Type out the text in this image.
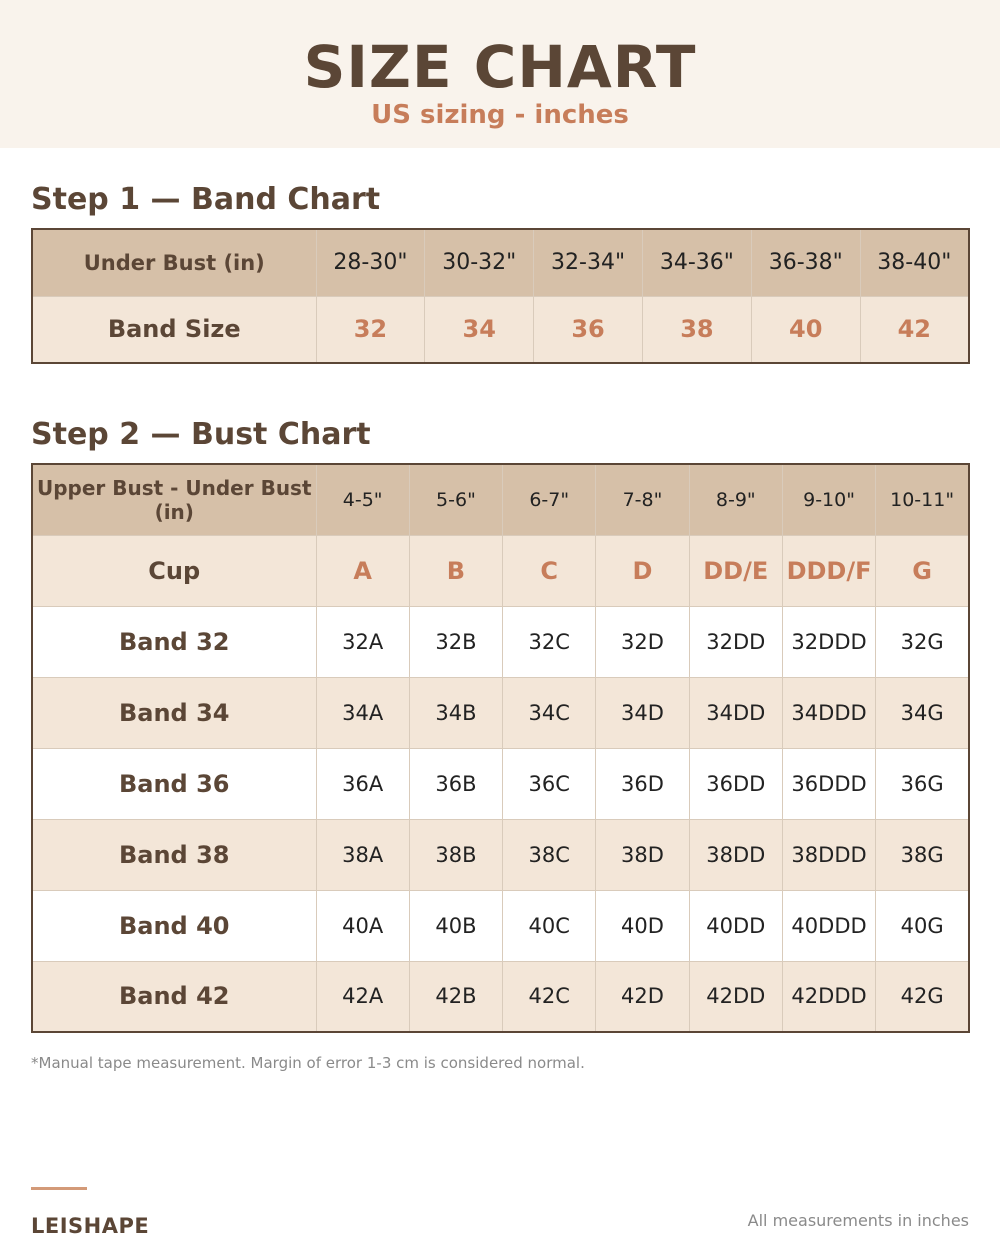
SIZE CHART
US sizing - inches
Step 1 — Band Chart
Under Bust (in)	28-30"	30-32"	32-34"	34-36"	36-38"	38-40"
Band Size	32	34	36	38	40	42
Step 2 — Bust Chart
Upper Bust - Under Bust (in)	4-5"	5-6"	6-7"	7-8"	8-9"	9-10"	10-11"
Cup	A	B	C	D	DD/E	DDD/F	G
Band 32	32A	32B	32C	32D	32DD	32DDD	32G
Band 34	34A	34B	34C	34D	34DD	34DDD	34G
Band 36	36A	36B	36C	36D	36DD	36DDD	36G
Band 38	38A	38B	38C	38D	38DD	38DDD	38G
Band 40	40A	40B	40C	40D	40DD	40DDD	40G
Band 42	42A	42B	42C	42D	42DD	42DDD	42G
*Manual tape measurement. Margin of error 1-3 cm is considered normal.
LEISHAPE	All measurements in inches
